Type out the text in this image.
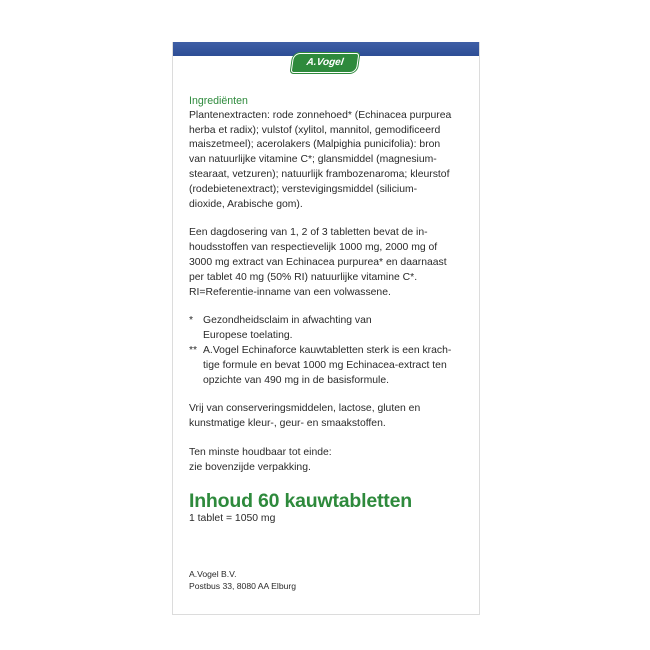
A.Vogel

Ingrediënten

Plantenextracten: rode zonnehoed* (Echinacea purpurea

herba et radix); vulstof (xylitol, mannitol, gemodificeerd

maiszetmeel); acerolakers (Malpighia punicifolia): bron

van natuurlijke vitamine C*; glansmiddel (magnesium-

stearaat, vetzuren); natuurlijk frambozenaroma; kleurstof

(rodebietenextract); verstevigingsmiddel (silicium-

dioxide, Arabische gom).

Een dagdosering van 1, 2 of 3 tabletten bevat de in-

houdsstoffen van respectievelijk 1000 mg, 2000 mg of

3000 mg extract van Echinacea purpurea* en daarnaast

per tablet 40 mg (50% RI) natuurlijke vitamine C*.

RI=Referentie-inname van een volwassene.

* Gezondheidsclaim in afwachting van

Europese toelating.

** A.Vogel Echinaforce kauwtabletten sterk is een krach-

tige formule en bevat 1000 mg Echinacea-extract ten

opzichte van 490 mg in de basisformule.

Vrij van conserveringsmiddelen, lactose, gluten en

kunstmatige kleur-, geur- en smaakstoffen.

Ten minste houdbaar tot einde:

zie bovenzijde verpakking.

Inhoud 60 kauwtabletten

1 tablet = 1050 mg

A.Vogel B.V.

Postbus 33, 8080 AA Elburg
